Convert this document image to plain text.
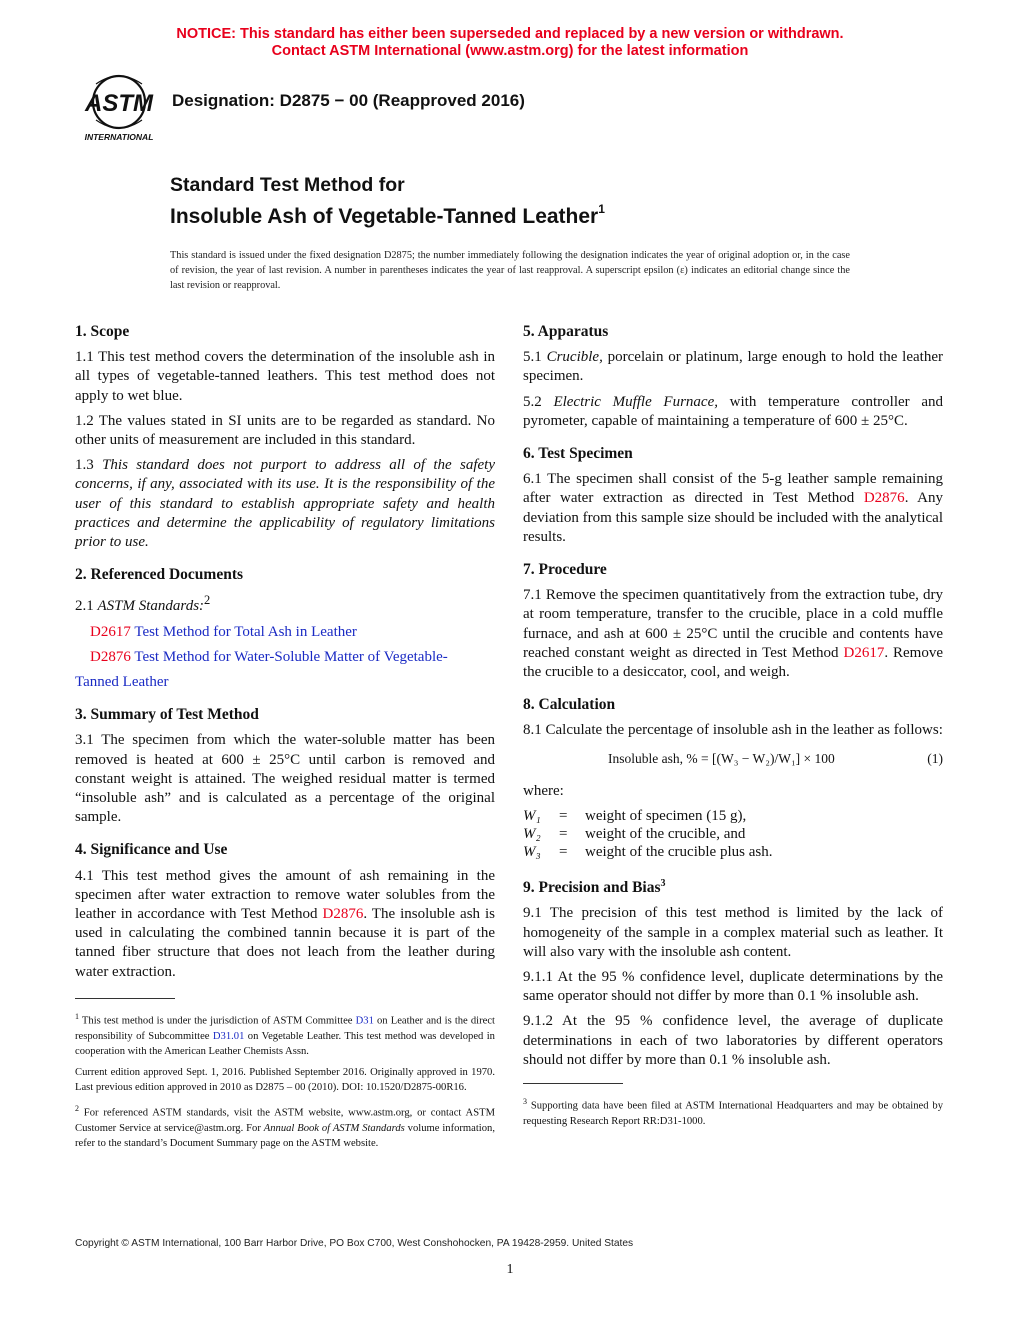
NOTICE: This standard has either been superseded and replaced by a new version or withdrawn.
Contact ASTM International (www.astm.org) for the latest information
ASTM
INTERNATIONAL
Designation: D2875 − 00 (Reapproved 2016)
Standard Test Method for
Insoluble Ash of Vegetable-Tanned Leather$^1$
This standard is issued under the fixed designation D2875; the number immediately following the designation indicates the year of original adoption or, in the case of revision, the year of last revision. A number in parentheses indicates the year of last reapproval. A superscript epsilon (ε) indicates an editorial change since the last revision or reapproval.
1. Scope

1.1 This test method covers the determination of the insoluble ash in all types of vegetable-tanned leathers. This test method does not apply to wet blue.

1.2 The values stated in SI units are to be regarded as standard. No other units of measurement are included in this standard.

1.3 This standard does not purport to address all of the safety concerns, if any, associated with its use. It is the responsibility of the user of this standard to establish appropriate safety and health practices and determine the applicability of regulatory limitations prior to use.

2. Referenced Documents

2.1 ASTM Standards:$^2$

D2617 Test Method for Total Ash in Leather

D2876 Test Method for Water-Soluble Matter of Vegetable-

Tanned Leather

3. Summary of Test Method

3.1 The specimen from which the water-soluble matter has been removed is heated at 600 ± 25°C until carbon is removed and constant weight is attained. The weighed residual matter is termed “insoluble ash” and is calculated as a percentage of the original sample.

4. Significance and Use

4.1 This test method gives the amount of ash remaining in the specimen after water extraction to remove water solubles from the leather in accordance with Test Method D2876. The insoluble ash is used in calculating the combined tannin because it is part of the tanned fiber structure that does not leach from the leather during water extraction.

$^1$ This test method is under the jurisdiction of ASTM Committee D31 on Leather and is the direct responsibility of Subcommittee D31.01 on Vegetable Leather. This test method was developed in cooperation with the American Leather Chemists Assn.

Current edition approved Sept. 1, 2016. Published September 2016. Originally approved in 1970. Last previous edition approved in 2010 as D2875 – 00 (2010). DOI: 10.1520/D2875-00R16.

$^2$ For referenced ASTM standards, visit the ASTM website, www.astm.org, or contact ASTM Customer Service at service@astm.org. For Annual Book of ASTM Standards volume information, refer to the standard’s Document Summary page on the ASTM website.

5. Apparatus

5.1 Crucible, porcelain or platinum, large enough to hold the leather specimen.

5.2 Electric Muffle Furnace, with temperature controller and pyrometer, capable of maintaining a temperature of 600 ± 25°C.

6. Test Specimen

6.1 The specimen shall consist of the 5-g leather sample remaining after water extraction as directed in Test Method D2876. Any deviation from this sample size should be included with the analytical results.

7. Procedure

7.1 Remove the specimen quantitatively from the extraction tube, dry at room temperature, transfer to the crucible, place in a cold muffle furnace, and ash at 600 ± 25°C until the crucible and contents have reached constant weight as directed in Test Method D2617. Remove the crucible to a desiccator, cool, and weigh.

8. Calculation

8.1 Calculate the percentage of insoluble ash in the leather as follows:

Insoluble ash, % = [(W₃ − W₂)/W₁] × 100	(1)

where:

W₁	=	weight of specimen (15 g),
W₂	=	weight of the crucible, and
W₃	=	weight of the crucible plus ash.
9. Precision and Bias$^3$

9.1 The precision of this test method is limited by the lack of homogeneity of the sample in a complex material such as leather. It will also vary with the insoluble ash content.

9.1.1 At the 95 % confidence level, duplicate determinations by the same operator should not differ by more than 0.1 % insoluble ash.

9.1.2 At the 95 % confidence level, the average of duplicate determinations in each of two laboratories by different operators should not differ by more than 0.1 % insoluble ash.

$^3$ Supporting data have been filed at ASTM International Headquarters and may be obtained by requesting Research Report RR:D31-1000.

Copyright © ASTM International, 100 Barr Harbor Drive, PO Box C700, West Conshohocken, PA 19428-2959. United States
1
